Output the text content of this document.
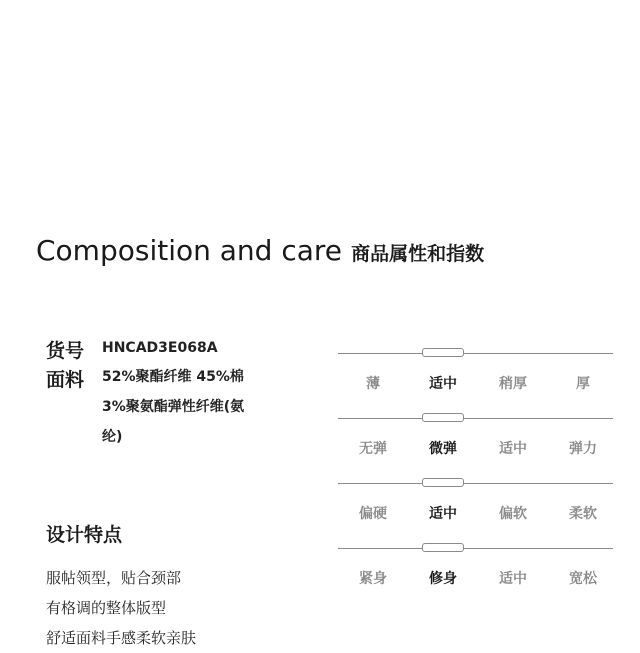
Composition and care 商品属性和指数
货号 HNCAD3E068A
面料 52%聚酯纤维 45%棉
3%聚氨酯弹性纤维(氨
纶)
设计特点
服帖领型，贴合颈部
有格调的整体版型
舒适面料手感柔软亲肤
薄	适中	稍厚	厚
无弹	微弹	适中	弹力
偏硬	适中	偏软	柔软
紧身	修身	适中	宽松
